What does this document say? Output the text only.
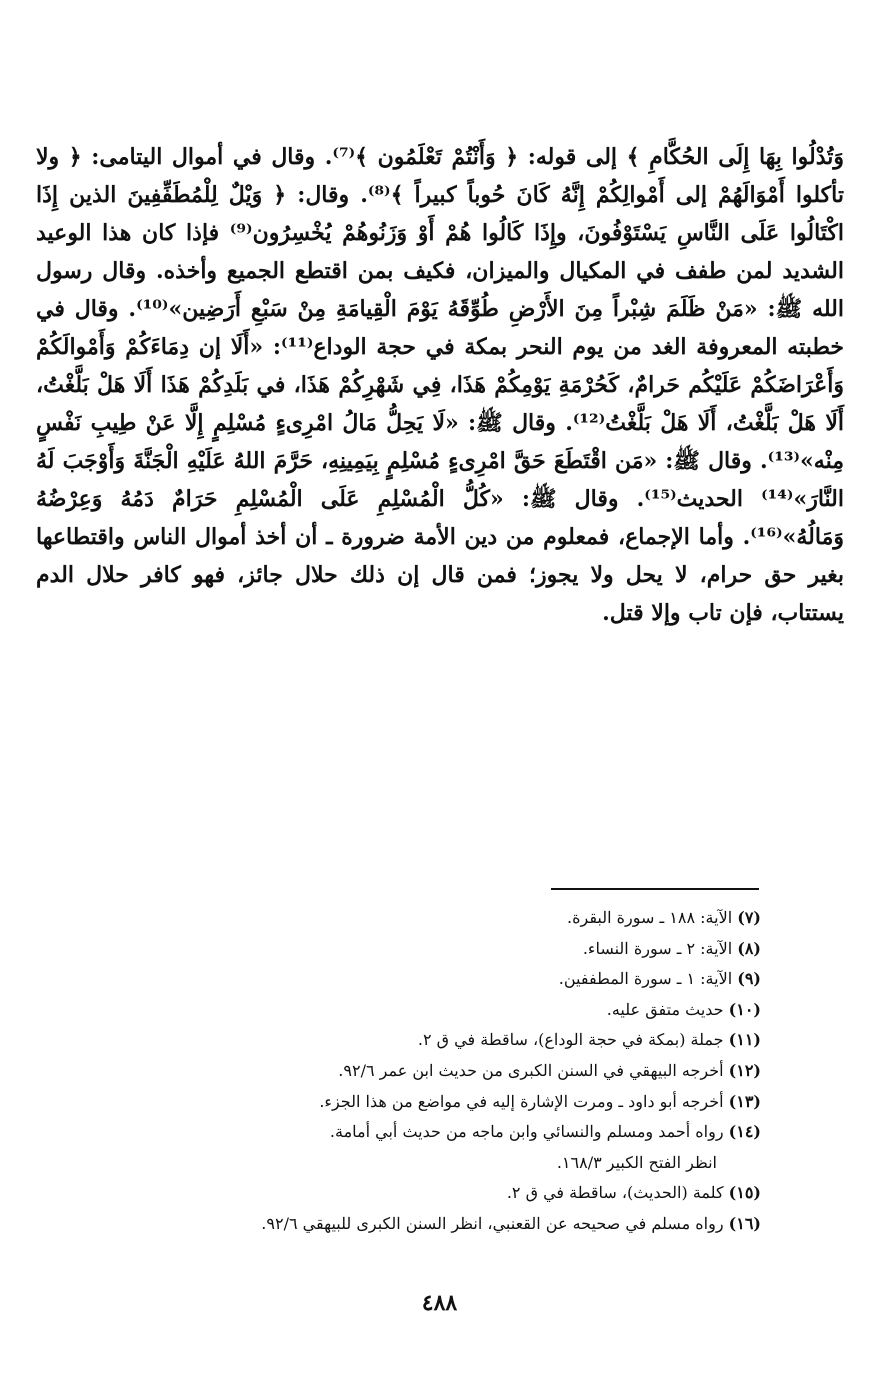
وَتُدْلُوا بِهَا إِلَى الحُكَّامِ ﴾ إلى قوله: ﴿ وَأَنْتُمْ تَعْلَمُون ﴾⁽⁷⁾. وقال في أموال اليتامى: ﴿ ولا تأكلوا أَمْوَالَهُمْ إلى أَمْوالِكُمْ إِنَّهُ كَانَ حُوباً كبيراً ﴾⁽⁸⁾. وقال: ﴿ وَيْلٌ لِلْمُطَفِّفِينَ الذين إِذَا اكْتَالُوا عَلَى النَّاسِ يَسْتَوْفُونَ، وإِذَا كَالُوا هُمْ أَوْ وَزَنُوهُمْ يُخْسِرُون⁽⁹⁾ فإذا كان هذا الوعيد الشديد لمن طفف في المكيال والميزان، فكيف بمن اقتطع الجميع وأخذه. وقال رسول الله ﷺ: «مَنْ ظَلَمَ شِبْراً مِنَ الأَرْضِ طُوِّقَهُ يَوْمَ الْقِيامَةِ مِنْ سَبْعِ أَرَضِين»⁽¹⁰⁾. وقال في خطبته المعروفة الغد من يوم النحر بمكة في حجة الوداع⁽¹¹⁾: «أَلَا إن دِمَاءَكُمْ وَأَمْوالَكُمْ وَأَعْرَاضَكُمْ عَلَيْكُم حَرامٌ، كَحُرْمَةِ يَوْمِكُمْ هَذَا، فِي شَهْرِكُمْ هَذَا، في بَلَدِكُمْ هَذَا أَلَا هَلْ بَلَّغْتُ، أَلَا هَلْ بَلَّغْتُ، أَلَا هَلْ بَلَّغْتُ⁽¹²⁾. وقال ﷺ: «لَا يَحِلُّ مَالُ امْرِىءٍ مُسْلِمٍ إِلَّا عَنْ طِيبِ نَفْسٍ مِنْه»⁽¹³⁾. وقال ﷺ: «مَن اقْتَطَعَ حَقَّ امْرِىءٍ مُسْلِمٍ بِيَمِينِهِ، حَرَّمَ اللهُ عَلَيْهِ الْجَنَّةَ وَأَوْجَبَ لَهُ النَّارَ»⁽¹⁴⁾ الحديث⁽¹⁵⁾. وقال ﷺ: «كُلُّ الْمُسْلِمِ عَلَى الْمُسْلِمِ حَرَامٌ دَمُهُ وَعِرْضُهُ وَمَالُهُ»⁽¹⁶⁾. وأما الإجماع، فمعلوم من دين الأمة ضرورة ـ أن أخذ أموال الناس واقتطاعها بغير حق حرام، لا يحل ولا يجوز؛ فمن قال إن ذلك حلال جائز، فهو كافر حلال الدم يستتاب، فإن تاب وإلا قتل.

(٧) الآية: ١٨٨ ـ سورة البقرة.

(٨) الآية: ٢ ـ سورة النساء.

(٩) الآية: ١ ـ سورة المطففين.

(١٠) حديث متفق عليه.

(١١) جملة (بمكة في حجة الوداع)، ساقطة في ق ٢.

(١٢) أخرجه البيهقي في السنن الكبرى من حديث ابن عمر ٩٢/٦.

(١٣) أخرجه أبو داود ـ ومرت الإشارة إليه في مواضع من هذا الجزء.

(١٤) رواه أحمد ومسلم والنسائي وابن ماجه من حديث أبي أمامة.

انظر الفتح الكبير ١٦٨/٣.

(١٥) كلمة (الحديث)، ساقطة في ق ٢.

(١٦) رواه مسلم في صحيحه عن القعنبي، انظر السنن الكبرى للبيهقي ٩٢/٦.

٤٨٨
